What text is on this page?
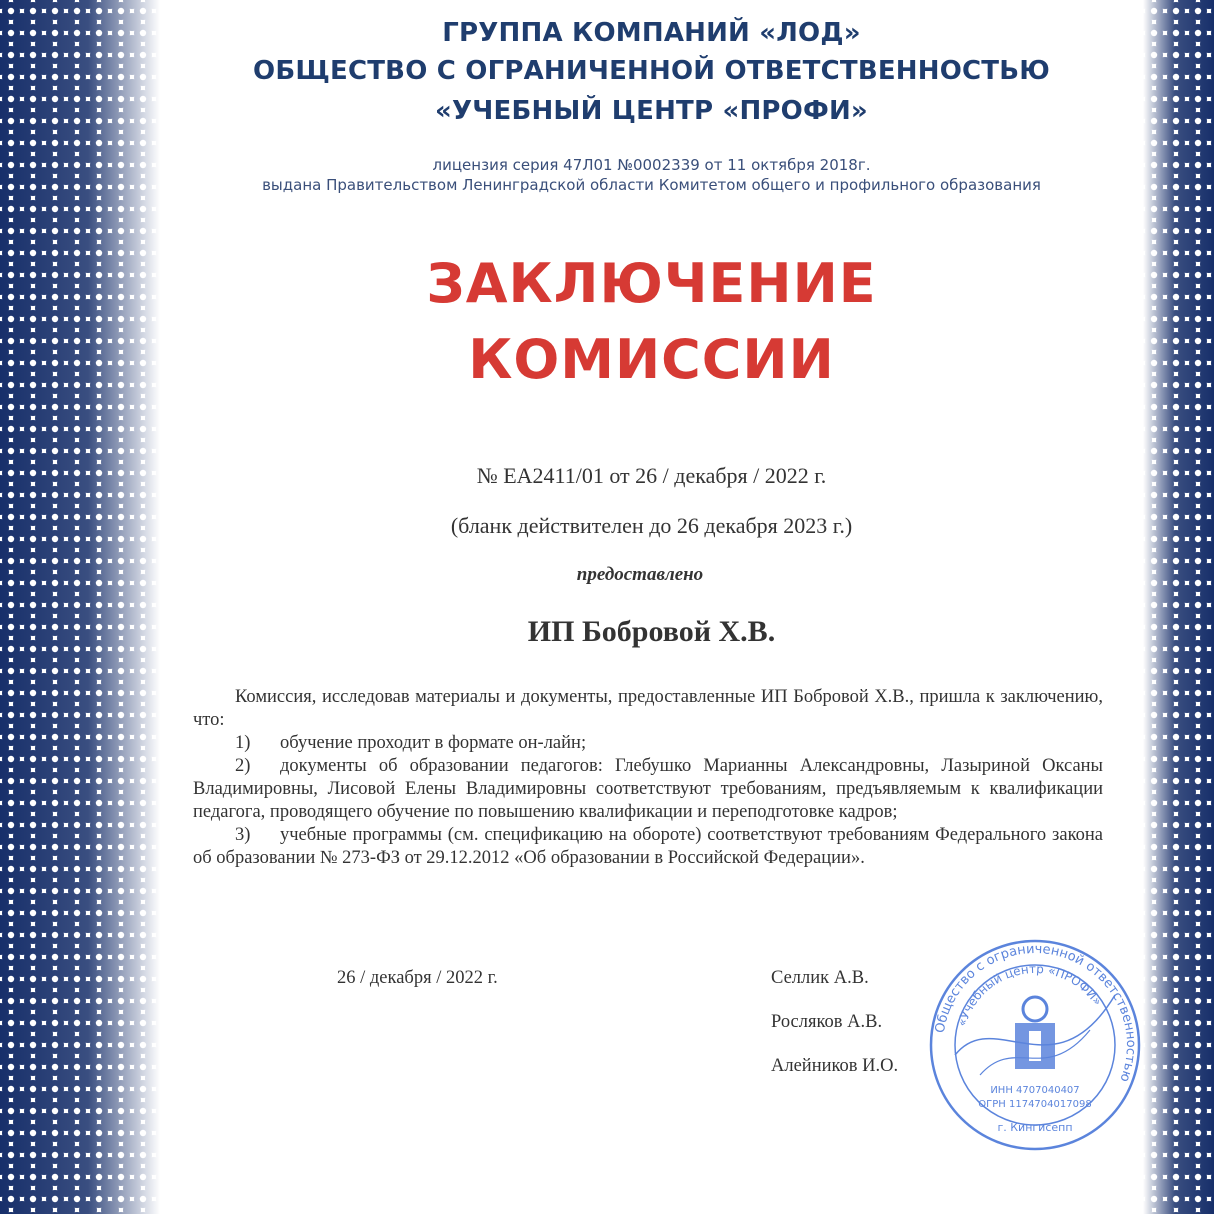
ГРУППА КОМПАНИЙ «ЛОД»
ОБЩЕСТВО С ОГРАНИЧЕННОЙ ОТВЕТСТВЕННОСТЬЮ
«УЧЕБНЫЙ ЦЕНТР «ПРОФИ»
лицензия серия 47Л01 №0002339 от 11 октября 2018г.
выдана Правительством Ленинградской области Комитетом общего и профильного образования
ЗАКЛЮЧЕНИЕ
КОМИССИИ
№ ЕА2411/01 от 26 / декабря / 2022 г.
(бланк действителен до 26 декабря 2023 г.)
предоставлено
ИП Бобровой Х.В.

Комиссия, исследовав материалы и документы, предоставленные ИП Бобровой Х.В., пришла к заключению, что:

1) обучение проходит в формате он-лайн;

2) документы об образовании педагогов: Глебушко Марианны Александровны, Лазыриной Оксаны Владимировны, Лисовой Елены Владимировны соответствуют требованиям, предъявляемым к квалификации педагога, проводящего обучение по повышению квалификации и переподготовке кадров;

3) учебные программы (см. спецификацию на обороте) соответствуют требованиям Федерального закона об образовании № 273-ФЗ от 29.12.2012 «Об образовании в Российской Федерации».

26 / декабря / 2022 г.	Селлик А.В.
Росляков А.В.
Алейников И.О.
Общество с ограниченной ответственностью
«Учебный центр «ПРОФИ»
ИНН 4707040407
ОГРН 1174704017098
г. Кингисепп
